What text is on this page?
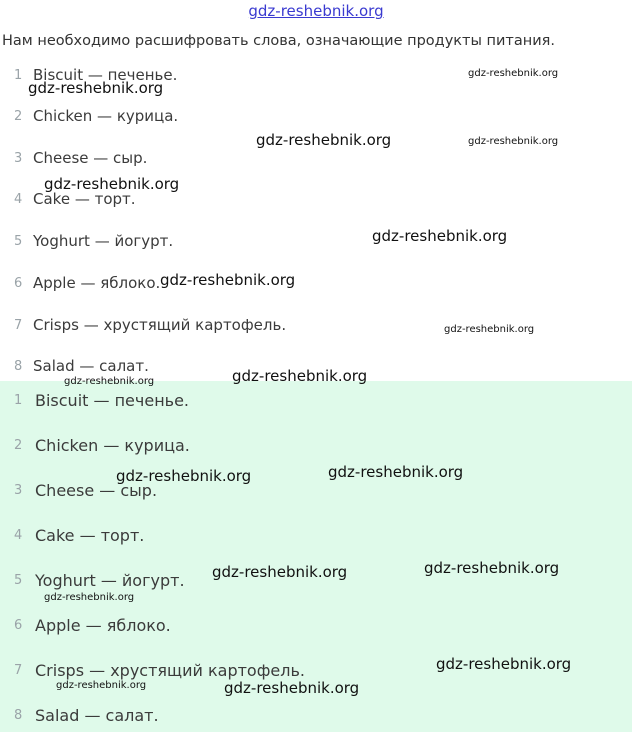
gdz-reshebnik.org
Нам необходимо расшифровать слова, означающие продукты питания.
1 Biscuit — печенье.
2 Chicken — курица.
3 Cheese — сыр.
4 Cake — торт.
5 Yoghurt — йогурт.
6 Apple — яблоко.
7 Crisps — хрустящий картофель.
8 Salad — салат.
1 Biscuit — печенье.
2 Chicken — курица.
3 Cheese — сыр.
4 Cake — торт.
5 Yoghurt — йогурт.
6 Apple — яблоко.
7 Crisps — хрустящий картофель.
8 Salad — салат.
gdz-reshebnik.org
gdz-reshebnik.org
gdz-reshebnik.org	gdz-reshebnik.org
gdz-reshebnik.org
gdz-reshebnik.org
gdz-reshebnik.org
gdz-reshebnik.org
gdz-reshebnik.org	gdz-reshebnik.org
gdz-reshebnik.org	gdz-reshebnik.org
gdz-reshebnik.org	gdz-reshebnik.org
gdz-reshebnik.org
gdz-reshebnik.org
gdz-reshebnik.org	gdz-reshebnik.org
